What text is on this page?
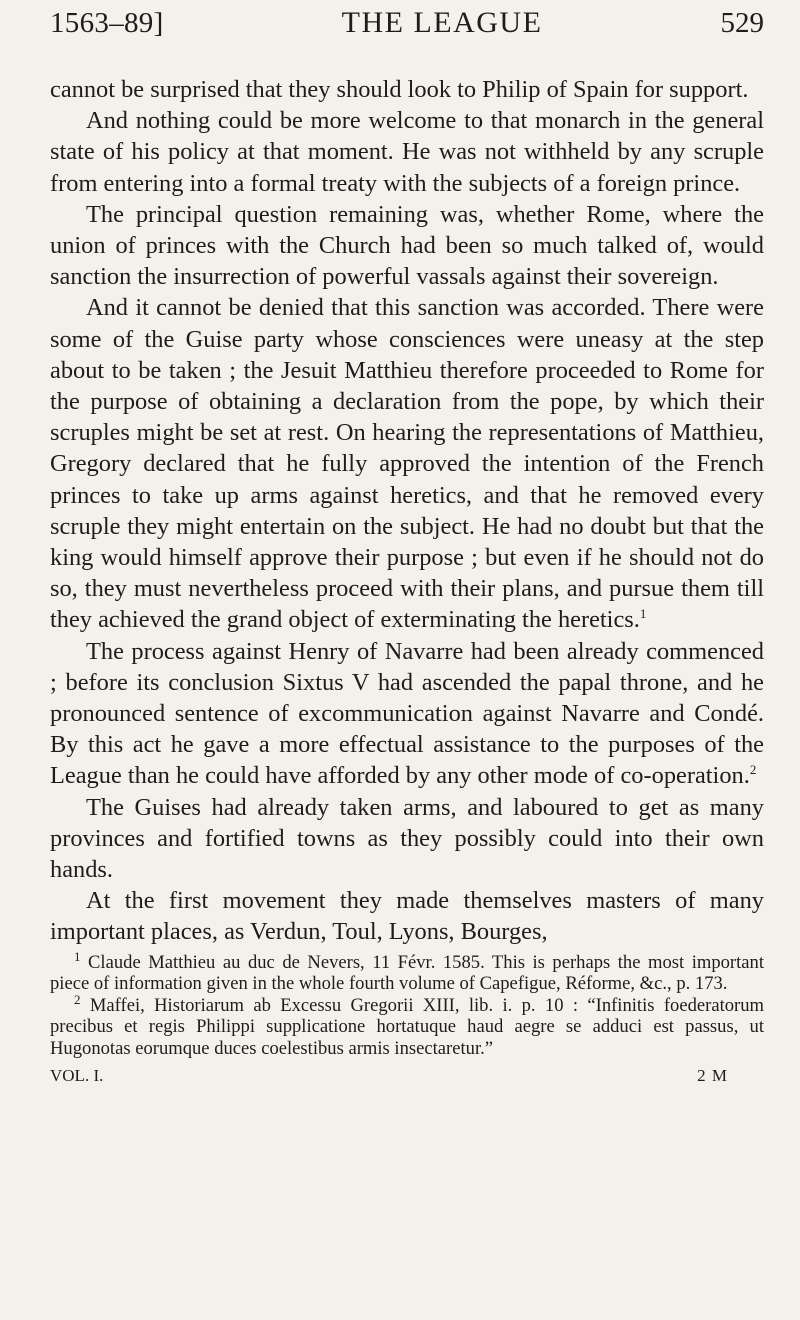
1563–89]	THE LEAGUE	529

cannot be surprised that they should look to Philip of Spain for support.

And nothing could be more welcome to that monarch in the general state of his policy at that moment. He was not withheld by any scruple from entering into a formal treaty with the subjects of a foreign prince.

The principal question remaining was, whether Rome, where the union of princes with the Church had been so much talked of, would sanction the insurrection of powerful vassals against their sovereign.

And it cannot be denied that this sanction was accorded. There were some of the Guise party whose consciences were uneasy at the step about to be taken ; the Jesuit Matthieu therefore proceeded to Rome for the purpose of obtaining a declaration from the pope, by which their scruples might be set at rest. On hearing the representations of Matthieu, Gregory declared that he fully approved the intention of the French princes to take up arms against heretics, and that he removed every scruple they might entertain on the subject. He had no doubt but that the king would himself approve their purpose ; but even if he should not do so, they must nevertheless proceed with their plans, and pursue them till they achieved the grand object of exterminating the heretics.$^1$

The process against Henry of Navarre had been already commenced ; before its conclusion Sixtus V had ascended the papal throne, and he pronounced sentence of excommunication against Navarre and Condé. By this act he gave a more effectual assistance to the purposes of the League than he could have afforded by any other mode of co-operation.$^2$

The Guises had already taken arms, and laboured to get as many provinces and fortified towns as they possibly could into their own hands.

At the first movement they made themselves masters of many important places, as Verdun, Toul, Lyons, Bourges,

$^1$ Claude Matthieu au duc de Nevers, 11 Févr. 1585. This is perhaps the most important piece of information given in the whole fourth volume of Capefigue, Réforme, &c., p. 173.

$^2$ Maffei, Historiarum ab Excessu Gregorii XIII, lib. i. p. 10 : “Infinitis foederatorum precibus et regis Philippi supplicatione hortatuque haud aegre se adduci est passus, ut Hugonotas eorumque duces coelestibus armis insectaretur.”

VOL. I.	2 M
